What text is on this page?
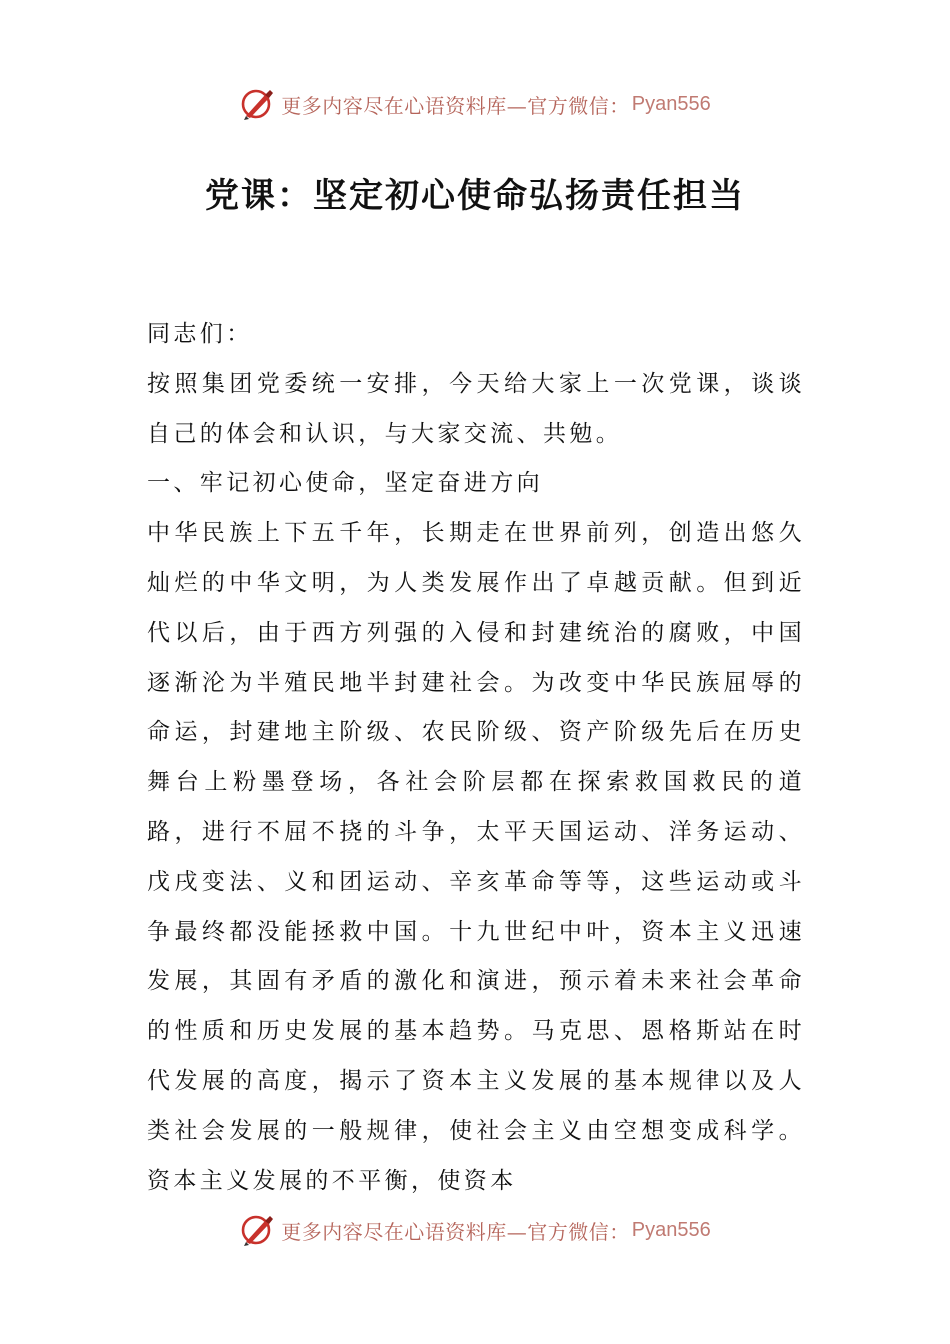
更多内容尽在心语资料库—官方微信： Pyan556
党课：坚定初心使命弘扬责任担当

同志们：

按照集团党委统一安排，今天给大家上一次党课，谈谈自己的体会和认识，与大家交流、共勉。

一、牢记初心使命，坚定奋进方向

中华民族上下五千年，长期走在世界前列，创造出悠久灿烂的中华文明，为人类发展作出了卓越贡献。但到近代以后，由于西方列强的入侵和封建统治的腐败，中国逐渐沦为半殖民地半封建社会。为改变中华民族屈辱的命运，封建地主阶级、农民阶级、资产阶级先后在历史舞台上粉墨登场，各社会阶层都在探索救国救民的道路，进行不屈不挠的斗争，太平天国运动、洋务运动、戊戌变法、义和团运动、辛亥革命等等，这些运动或斗争最终都没能拯救中国。十九世纪中叶，资本主义迅速发展，其固有矛盾的激化和演进，预示着未来社会革命的性质和历史发展的基本趋势。马克思、恩格斯站在时代发展的高度，揭示了资本主义发展的基本规律以及人类社会发展的一般规律，使社会主义由空想变成科学。资本主义发展的不平衡，使资本

更多内容尽在心语资料库—官方微信： Pyan556
